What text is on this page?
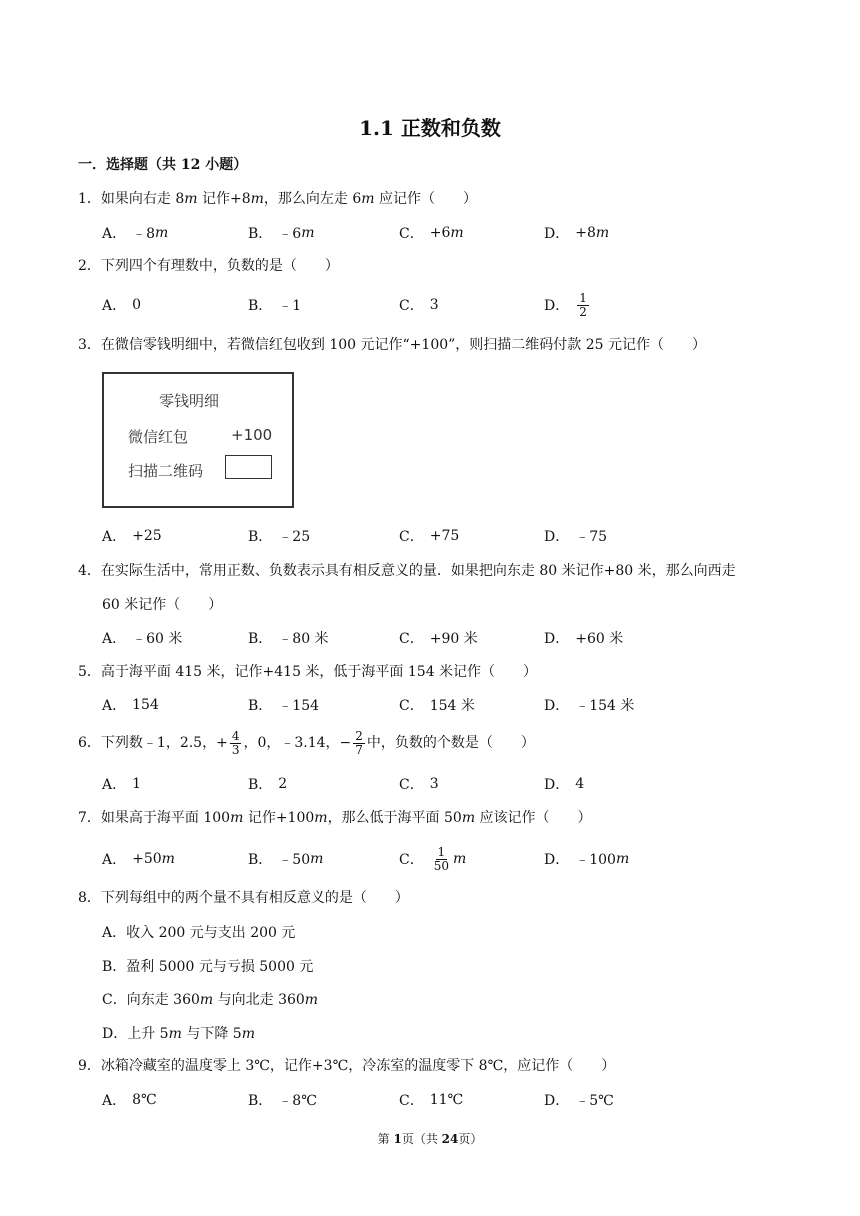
1.1 正数和负数
一．选择题（共 12 小题）
1．如果向右走 8m 记作+8m，那么向左走 6m 应记作（　　）
A． ﹣8 m	B． ﹣6 m	C． +6 m	D． +8 m
2．下列四个有理数中，负数的是（　　）
A． 0	B． ﹣1	C． 3	D． $\frac{1}{2}$
3．在微信零钱明细中，若微信红包收到 100 元记作“+100”，则扫描二维码付款 25 元记作（　　）
零钱明细
微信红包	+100
扫描二维码
A． +25	B． ﹣25	C． +75	D． ﹣75
4．在实际生活中，常用正数、负数表示具有相反意义的量．如果把向东走 80 米记作+80 米，那么向西走
60 米记作（　　）
A． ﹣60 米	B． ﹣80 米	C． +90 米	D． +60 米
5．高于海平面 415 米，记作+415 米，低于海平面 154 米记作（　　）
A． 154	B． ﹣154	C． 154 米	D． ﹣154 米
6．下列数﹣1，2.5，+ $\frac{4}{3}$ ，0，﹣3.14，− $\frac{2}{7}$ 中，负数的个数是（　　）
A． 1	B． 2	C． 3	D． 4
7．如果高于海平面 100m 记作+100m，那么低于海平面 50m 应该记作（　　）
A． +50 m	B． ﹣50 m	C． $\frac{1}{50}$ m	D． ﹣100 m
8．下列每组中的两个量不具有相反意义的是（　　）
A．收入 200 元与支出 200 元
B．盈利 5000 元与亏损 5000 元
C．向东走 360m 与向北走 360m
D．上升 5m 与下降 5m
9．冰箱冷藏室的温度零上 3℃，记作+3℃，冷冻室的温度零下 8℃，应记作（　　）
A． 8℃	B． ﹣8℃	C． 11℃	D． ﹣5℃
第 1页（共 24页）
